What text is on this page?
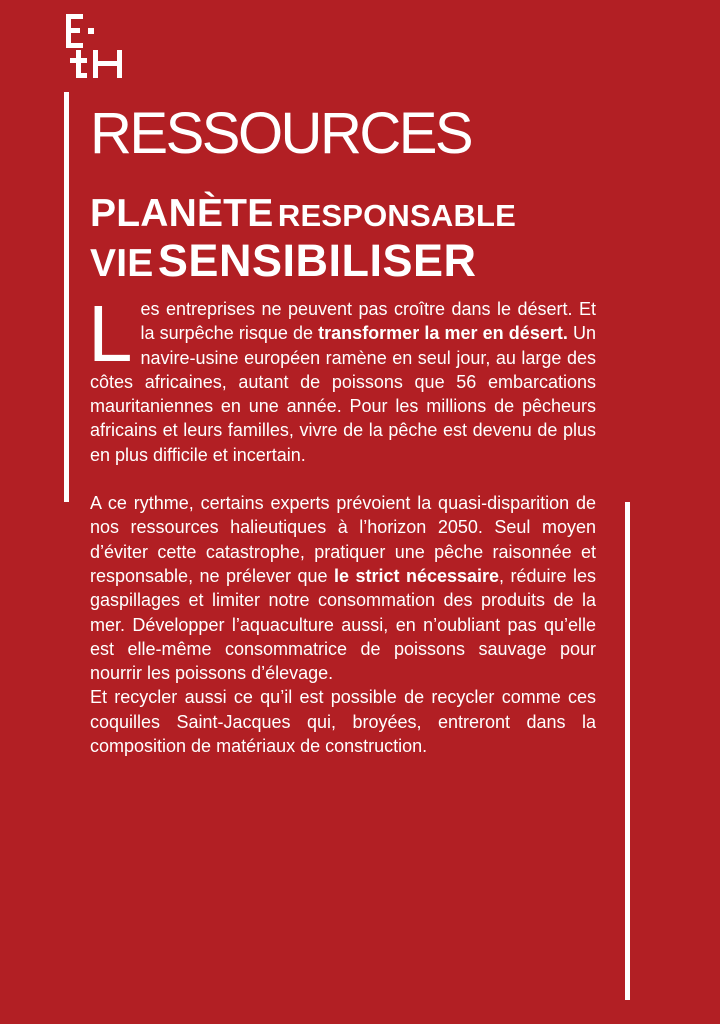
RESSOURCES
PLANÈTE RESPONSABLE
VIE SENSIBILISER

Les entreprises ne peuvent pas croître dans le désert. Et la surpêche risque de transformer la mer en désert. Un navire-usine européen ramène en seul jour, au large des côtes africaines, autant de poissons que 56 embarcations mauritaniennes en une année. Pour les millions de pêcheurs africains et leurs familles, vivre de la pêche est devenu de plus en plus difficile et incertain.

A ce rythme, certains experts prévoient la quasi-disparition de nos ressources halieutiques à l’horizon 2050. Seul moyen d’éviter cette catastrophe, pratiquer une pêche raisonnée et responsable, ne prélever que le strict nécessaire, réduire les gaspillages et limiter notre consommation des produits de la mer. Développer l’aquaculture aussi, en n’oubliant pas qu’elle est elle-même consommatrice de poissons sauvage pour nourrir les poissons d’élevage.
Et recycler aussi ce qu’il est possible de recycler comme ces coquilles Saint-Jacques qui, broyées, entreront dans la composition de matériaux de construction.
